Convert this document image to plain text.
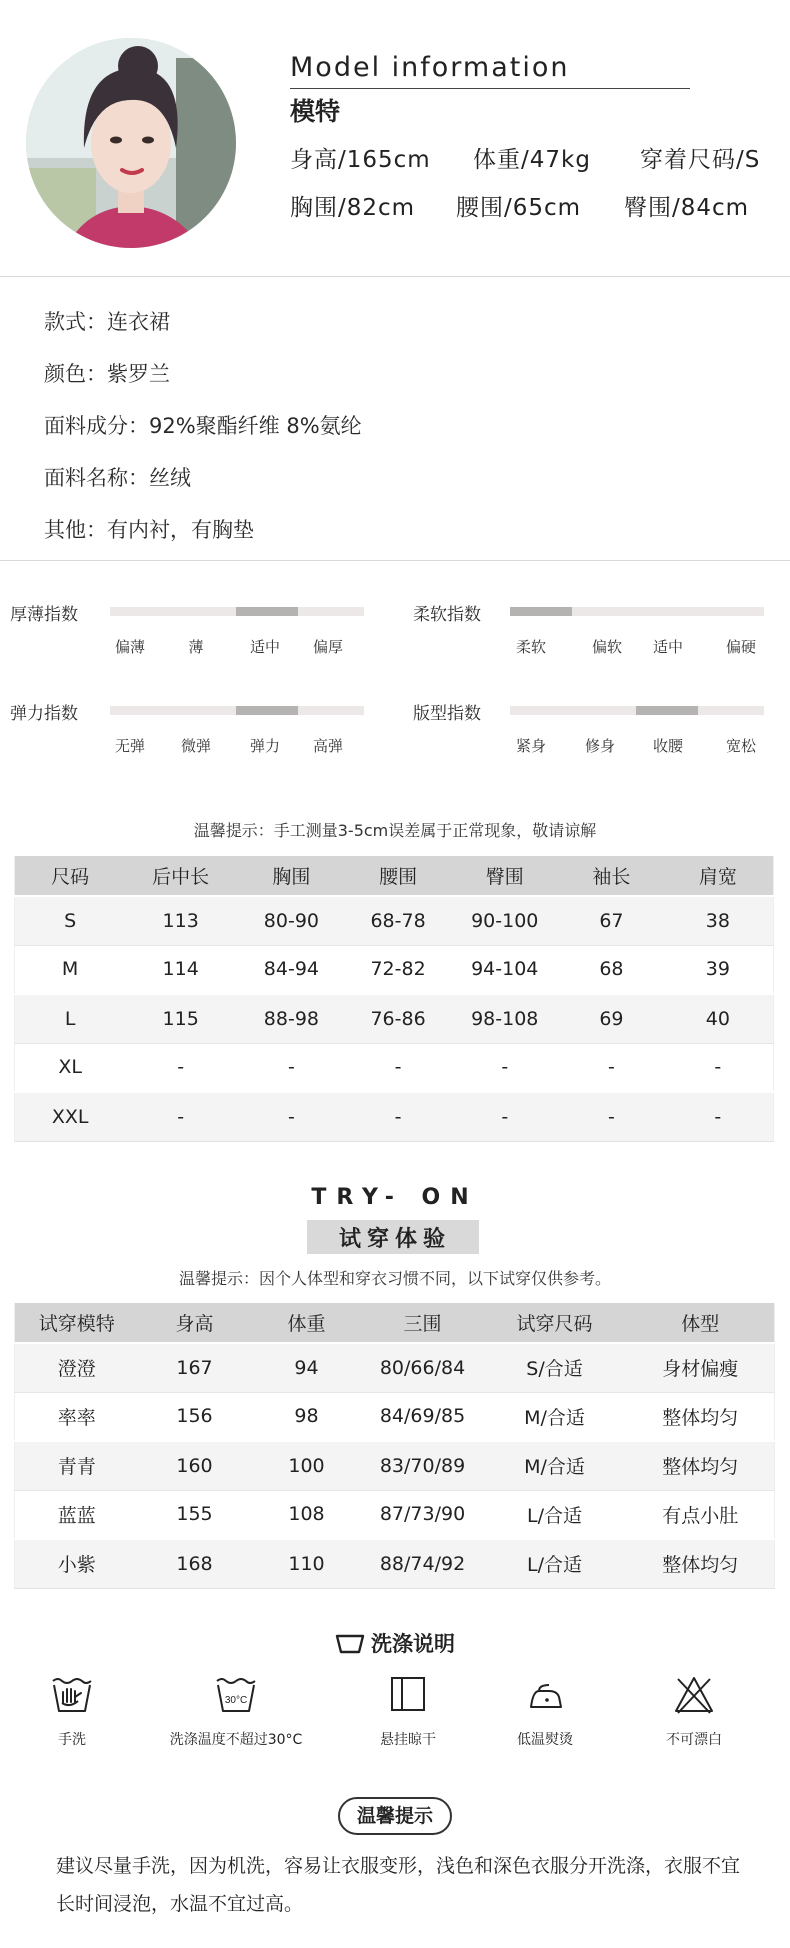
Model information
模特
身高/165cm 体重/47kg 穿着尺码/S
胸围/82cm 腰围/65cm 臀围/84cm
款式：连衣裙
颜色：紫罗兰
面料成分：92%聚酯纤维 8%氨纶
面料名称：丝绒
其他：有内衬，有胸垫
厚薄指数
偏薄	薄	适中	偏厚
柔软指数
柔软	偏软	适中	偏硬
弹力指数
无弹	微弹	弹力	高弹
版型指数
紧身	修身	收腰	宽松
温馨提示：手工测量3-5cm误差属于正常现象，敬请谅解
尺码	后中长	胸围	腰围	臀围	袖长	肩宽
S	113	80-90	68-78	90-100	67	38
M	114	84-94	72-82	94-104	68	39
L	115	88-98	76-86	98-108	69	40
XL	-	-	-	-	-	-
XXL	-	-	-	-	-	-
TRY- ON
试穿体验
温馨提示：因个人体型和穿衣习惯不同，以下试穿仅供参考。
试穿模特	身高	体重	三围	试穿尺码	体型
澄澄	167	94	80/66/84	S/合适	身材偏瘦
率率	156	98	84/69/85	M/合适	整体均匀
青青	160	100	83/70/89	M/合适	整体均匀
蓝蓝	155	108	87/73/90	L/合适	有点小肚
小紫	168	110	88/74/92	L/合适	整体均匀
洗涤说明
手洗
30°C
洗涤温度不超过30°C	悬挂晾干	低温熨烫	不可漂白
温馨提示
建议尽量手洗，因为机洗，容易让衣服变形，浅色和深色衣服分开洗涤，衣服不宜长时间浸泡，水温不宜过高。
